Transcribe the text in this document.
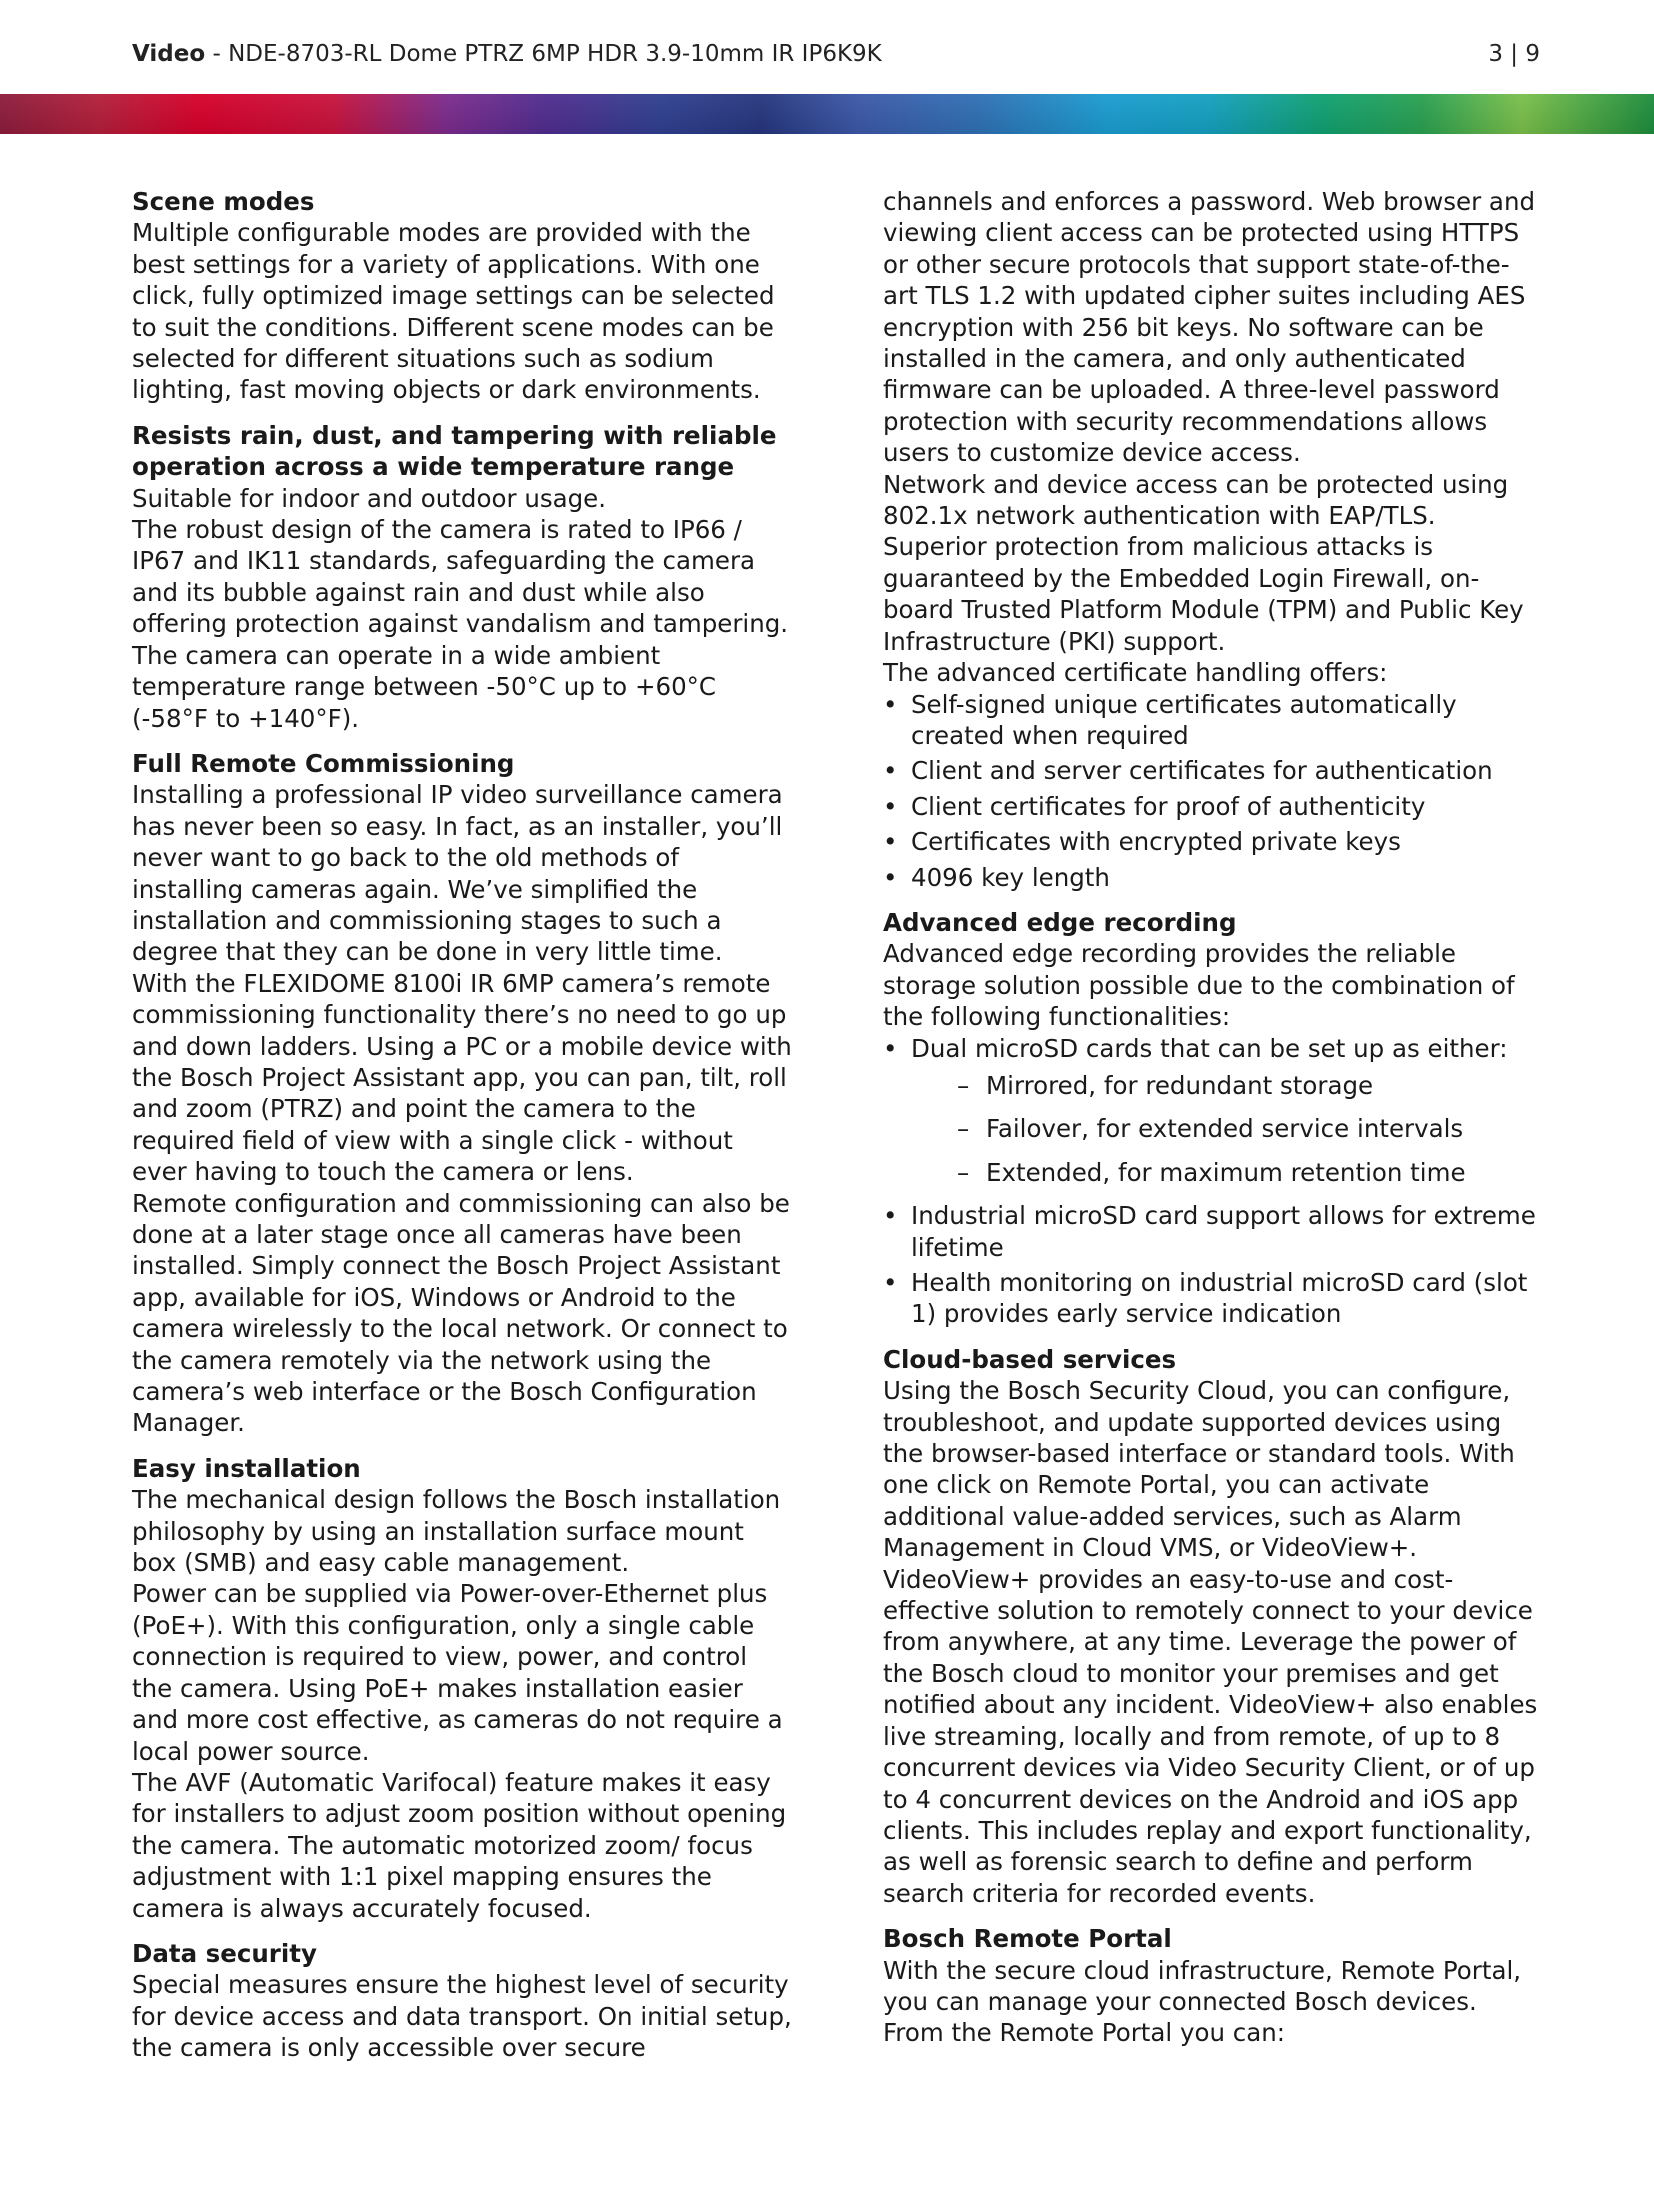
Video - NDE-8703-RL Dome PTRZ 6MP HDR 3.9-10mm IR IP6K9K	3 | 9

Scene modes

Multiple configurable modes are provided with the best settings for a variety of applications. With one click, fully optimized image settings can be selected to suit the conditions. Different scene modes can be selected for different situations such as sodium lighting, fast moving objects or dark environments.

Resists rain, dust, and tampering with reliable operation across a wide temperature range

Suitable for indoor and outdoor usage.

The robust design of the camera is rated to IP66 / IP67 and IK11 standards, safeguarding the camera and its bubble against rain and dust while also offering protection against vandalism and tampering. The camera can operate in a wide ambient temperature range between -50°C up to +60°C (-58°F to +140°F).

Full Remote Commissioning

Installing a professional IP video surveillance camera has never been so easy. In fact, as an installer, you’ll never want to go back to the old methods of installing cameras again. We’ve simplified the installation and commissioning stages to such a degree that they can be done in very little time.

With the FLEXIDOME 8100i IR 6MP camera’s remote commissioning functionality there’s no need to go up and down ladders. Using a PC or a mobile device with the Bosch Project Assistant app, you can pan, tilt, roll and zoom (PTRZ) and point the camera to the required field of view with a single click - without ever having to touch the camera or lens.

Remote configuration and commissioning can also be done at a later stage once all cameras have been installed. Simply connect the Bosch Project Assistant app, available for iOS, Windows or Android to the camera wirelessly to the local network. Or connect to the camera remotely via the network using the camera’s web interface or the Bosch Configuration Manager.

Easy installation

The mechanical design follows the Bosch installation philosophy by using an installation surface mount box (SMB) and easy cable management.

Power can be supplied via Power-over-Ethernet plus (PoE+). With this configuration, only a single cable connection is required to view, power, and control the camera. Using PoE+ makes installation easier and more cost effective, as cameras do not require a local power source.

The AVF (Automatic Varifocal) feature makes it easy for installers to adjust zoom position without opening the camera. The automatic motorized zoom/ focus adjustment with 1:1 pixel mapping ensures the camera is always accurately focused.

Data security

Special measures ensure the highest level of security for device access and data transport. On initial setup, the camera is only accessible over secure

channels and enforces a password. Web browser and viewing client access can be protected using HTTPS or other secure protocols that support state-of-the-art TLS 1.2 with updated cipher suites including AES encryption with 256 bit keys. No software can be installed in the camera, and only authenticated firmware can be uploaded. A three-level password protection with security recommendations allows users to customize device access.

Network and device access can be protected using 802.1x network authentication with EAP/TLS.

Superior protection from malicious attacks is guaranteed by the Embedded Login Firewall, on-board Trusted Platform Module (TPM) and Public Key Infrastructure (PKI) support.

The advanced certificate handling offers:

• Self-signed unique certificates automatically created when required
• Client and server certificates for authentication
• Client certificates for proof of authenticity
• Certificates with encrypted private keys
• 4096 key length

Advanced edge recording

Advanced edge recording provides the reliable storage solution possible due to the combination of the following functionalities:

• Dual microSD cards that can be set up as either:
– Mirrored, for redundant storage
– Failover, for extended service intervals
– Extended, for maximum retention time
• Industrial microSD card support allows for extreme lifetime
• Health monitoring on industrial microSD card (slot 1) provides early service indication

Cloud-based services

Using the Bosch Security Cloud, you can configure, troubleshoot, and update supported devices using the browser-based interface or standard tools. With one click on Remote Portal, you can activate additional value-added services, such as Alarm Management in Cloud VMS, or VideoView+.

VideoView+ provides an easy-to-use and cost-effective solution to remotely connect to your device from anywhere, at any time. Leverage the power of the Bosch cloud to monitor your premises and get notified about any incident. VideoView+ also enables live streaming, locally and from remote, of up to 8 concurrent devices via Video Security Client, or of up to 4 concurrent devices on the Android and iOS app clients. This includes replay and export functionality, as well as forensic search to define and perform search criteria for recorded events.

Bosch Remote Portal

With the secure cloud infrastructure, Remote Portal, you can manage your connected Bosch devices. From the Remote Portal you can:
